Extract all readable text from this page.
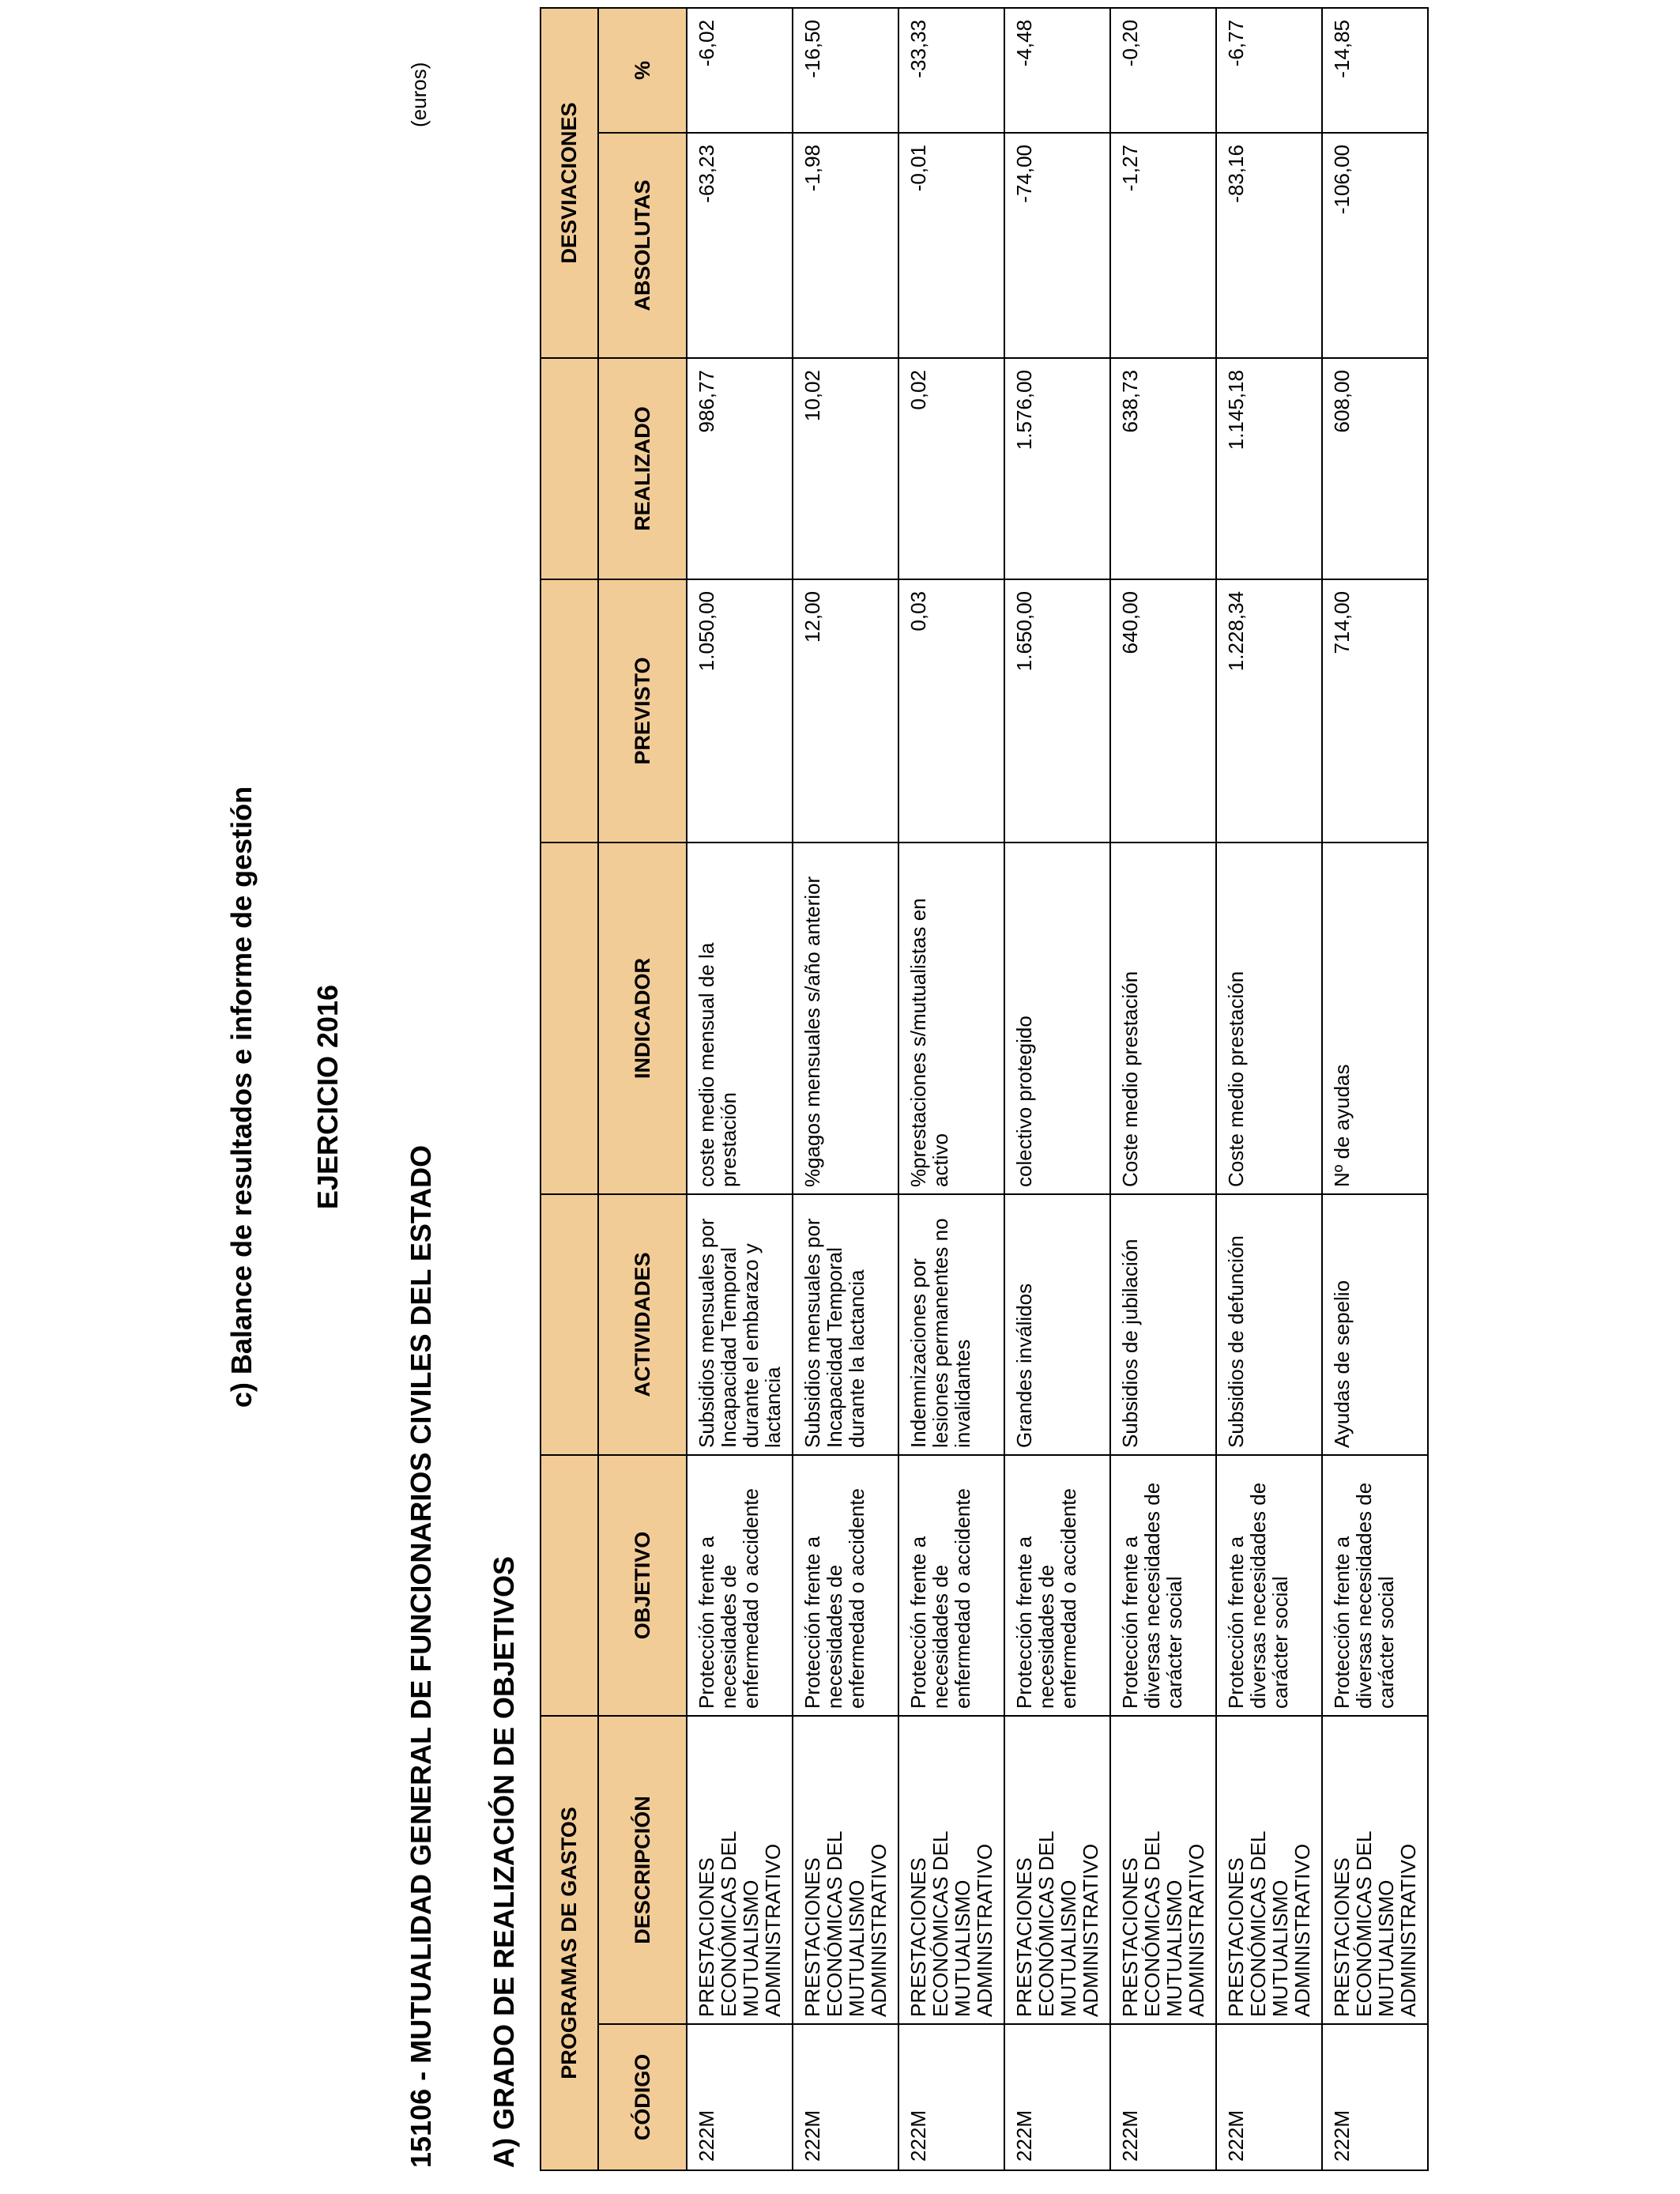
c) Balance de resultados e informe de gestión EJERCICIO 2016
15106 - MUTUALIDAD GENERAL DE FUNCIONARIOS CIVILES DEL ESTADO
(euros)
A) GRADO DE REALIZACIÓN DE OBJETIVOS PROGRAMAS DE GASTOS							DESVIACIONES	
CÓDIGO	DESCRIPCIÓN	OBJETIVO	ACTIVIDADES	INDICADOR	PREVISTO	REALIZADO	ABSOLUTAS	%
222M	PRESTACIONES ECONÓMICAS DEL MUTUALISMO ADMINISTRATIVO	Protección frente a necesidades de enfermedad o accidente	Subsidios mensuales por Incapacidad Temporal durante el embarazo y lactancia	coste medio mensual de la prestación	1.050,00	986,77	-63,23	-6,02
222M	PRESTACIONES ECONÓMICAS DEL MUTUALISMO ADMINISTRATIVO	Protección frente a necesidades de enfermedad o accidente	Subsidios mensuales por Incapacidad Temporal durante la lactancia	%gagos mensuales s/año anterior	12,00	10,02	-1,98	-16,50
222M	PRESTACIONES ECONÓMICAS DEL MUTUALISMO ADMINISTRATIVO	Protección frente a necesidades de enfermedad o accidente	Indemnizaciones por lesiones permanentes no invalidantes	%prestaciones s/mutualistas en activo	0,03	0,02	-0,01	-33,33
222M	PRESTACIONES ECONÓMICAS DEL MUTUALISMO ADMINISTRATIVO	Protección frente a necesidades de enfermedad o accidente	Grandes inválidos	colectivo protegido	1.650,00	1.576,00	-74,00	-4,48
222M	PRESTACIONES ECONÓMICAS DEL MUTUALISMO ADMINISTRATIVO	Protección frente a diversas necesidades de carácter social	Subsidios de jubilación	Coste medio prestación	640,00	638,73	-1,27	-0,20
222M	PRESTACIONES ECONÓMICAS DEL MUTUALISMO ADMINISTRATIVO	Protección frente a diversas necesidades de carácter social	Subsidios de defunción	Coste medio prestación	1.228,34	1.145,18	-83,16	-6,77
222M	PRESTACIONES ECONÓMICAS DEL MUTUALISMO ADMINISTRATIVO	Protección frente a diversas necesidades de carácter social	Ayudas de sepelio	Nº de ayudas	714,00	608,00	-106,00	-14,85
